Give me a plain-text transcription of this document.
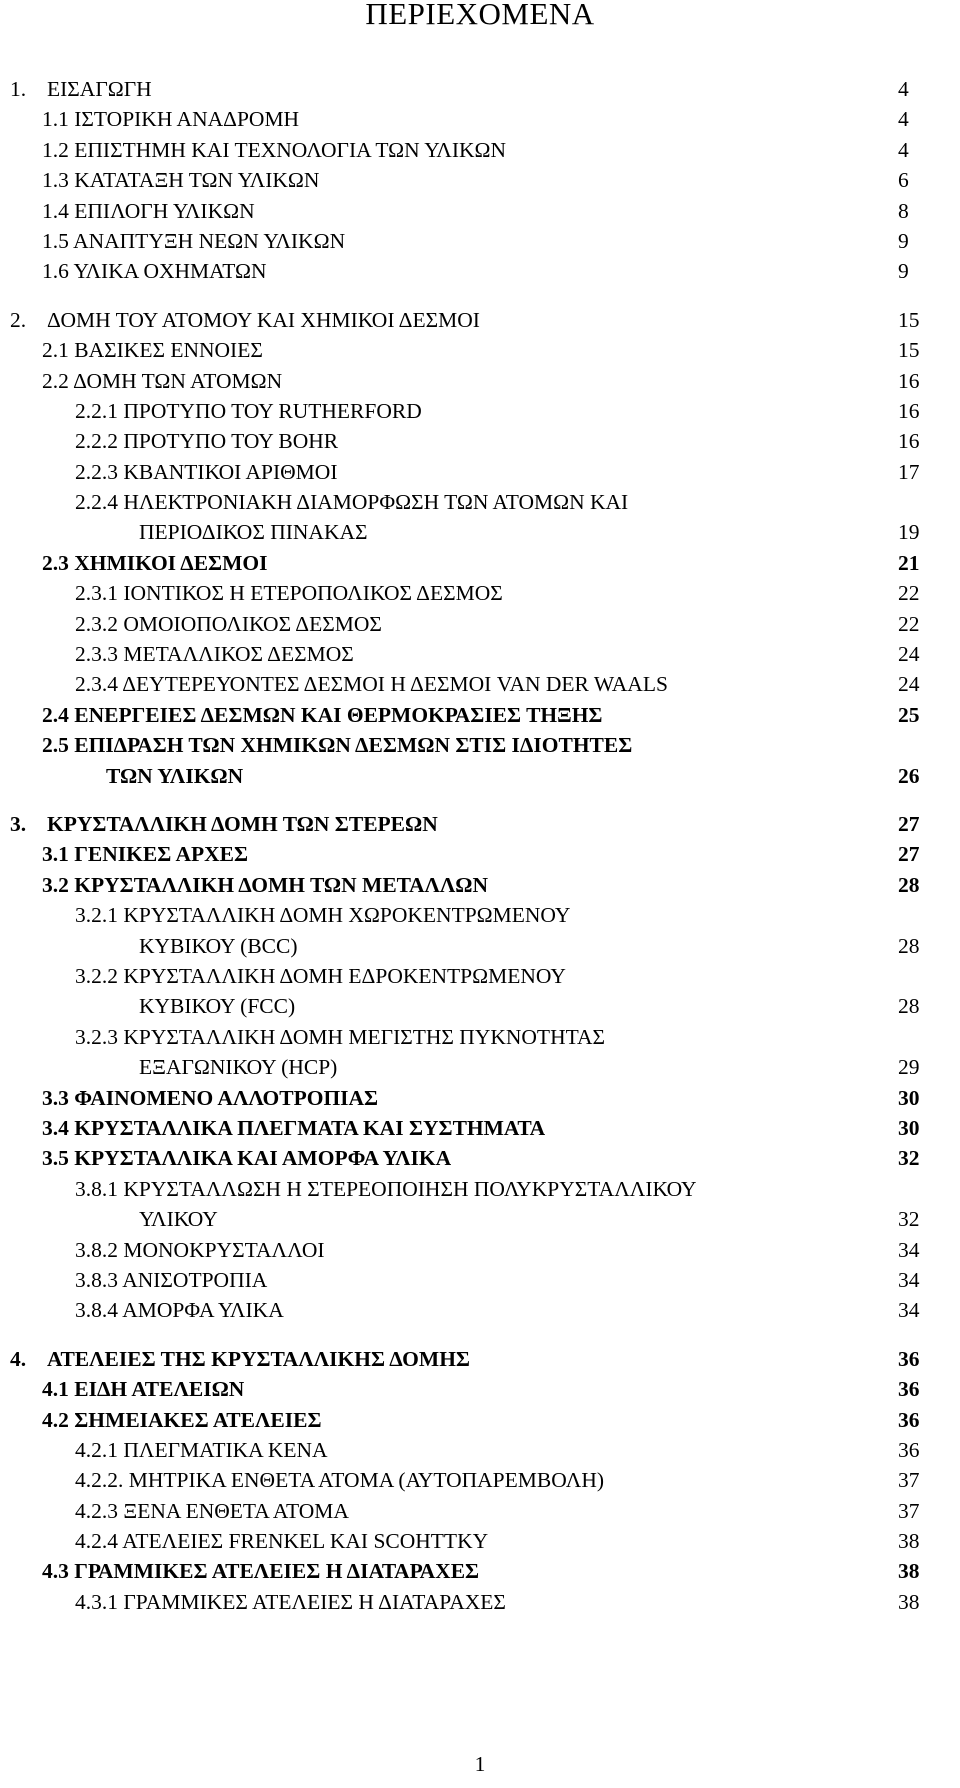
ΠΕΡΙΕΧΟΜΕΝΑ
1. ΕΙΣΑΓΩΓΗ	4
1.1 ΙΣΤΟΡΙΚΗ ΑΝΑΔΡΟΜΗ	4
1.2 ΕΠΙΣΤΗΜΗ ΚΑΙ ΤΕΧΝΟΛΟΓΙΑ ΤΩΝ ΥΛΙΚΩΝ	4
1.3 ΚΑΤΑΤΑΞΗ ΤΩΝ ΥΛΙΚΩΝ	6
1.4 ΕΠΙΛΟΓΗ ΥΛΙΚΩΝ	8
1.5 ΑΝΑΠΤΥΞΗ ΝΕΩΝ ΥΛΙΚΩΝ	9
1.6 ΥΛΙΚΑ ΟΧΗΜΑΤΩΝ	9
2. ΔΟΜΗ ΤΟΥ ΑΤΟΜΟΥ ΚΑΙ ΧΗΜΙΚΟΙ ΔΕΣΜΟΙ	15
2.1 ΒΑΣΙΚΕΣ ΕΝΝΟΙΕΣ	15
2.2 ΔΟΜΗ ΤΩΝ ΑΤΟΜΩΝ	16
2.2.1 ΠΡΟΤΥΠΟ ΤΟΥ RUTHERFORD	16
2.2.2 ΠΡΟΤΥΠΟ ΤΟΥ BOHR	16
2.2.3 ΚΒΑΝΤΙΚΟΙ ΑΡΙΘΜΟΙ	17
2.2.4 ΗΛΕΚΤΡΟΝΙΑΚΗ ΔΙΑΜΟΡΦΩΣΗ ΤΩΝ ΑΤΟΜΩΝ ΚΑΙ
ΠΕΡΙΟΔΙΚΟΣ ΠΙΝΑΚΑΣ	19
2.3 ΧΗΜΙΚΟΙ ΔΕΣΜΟΙ	21
2.3.1 ΙΟΝΤΙΚΟΣ Η ΕΤΕΡΟΠΟΛΙΚΟΣ ΔΕΣΜΟΣ	22
2.3.2 ΟΜΟΙΟΠΟΛΙΚΟΣ ΔΕΣΜΟΣ	22
2.3.3 ΜΕΤΑΛΛΙΚΟΣ ΔΕΣΜΟΣ	24
2.3.4 ΔΕΥΤΕΡΕΥΟΝΤΕΣ ΔΕΣΜΟΙ Η ΔΕΣΜΟΙ VAN DER WAALS	24
2.4 ΕΝΕΡΓΕΙΕΣ ΔΕΣΜΩΝ ΚΑΙ ΘΕΡΜΟΚΡΑΣΙΕΣ ΤΗΞΗΣ	25
2.5 ΕΠΙΔΡΑΣΗ ΤΩΝ ΧΗΜΙΚΩΝ ΔΕΣΜΩΝ ΣΤΙΣ ΙΔΙΟΤΗΤΕΣ
ΤΩΝ ΥΛΙΚΩΝ	26
3. ΚΡΥΣΤΑΛΛΙΚΗ ΔΟΜΗ ΤΩΝ ΣΤΕΡΕΩΝ	27
3.1 ΓΕΝΙΚΕΣ ΑΡΧΕΣ	27
3.2 ΚΡΥΣΤΑΛΛΙΚΗ ΔΟΜΗ ΤΩΝ ΜΕΤΑΛΛΩΝ	28
3.2.1 ΚΡΥΣΤΑΛΛΙΚΗ ΔΟΜΗ ΧΩΡΟΚΕΝΤΡΩΜΕΝΟΥ
ΚΥΒΙΚΟΥ (BCC)	28
3.2.2 ΚΡΥΣΤΑΛΛΙΚΗ ΔΟΜΗ ΕΔΡΟΚΕΝΤΡΩΜΕΝΟΥ
ΚΥΒΙΚΟΥ (FCC)	28
3.2.3 ΚΡΥΣΤΑΛΛΙΚΗ ΔΟΜΗ ΜΕΓΙΣΤΗΣ ΠΥΚΝΟΤΗΤΑΣ
ΕΞΑΓΩΝΙΚΟΥ (HCP)	29
3.3 ΦΑΙΝΟΜΕΝΟ ΑΛΛΟΤΡΟΠΙΑΣ	30
3.4 ΚΡΥΣΤΑΛΛΙΚΑ ΠΛΕΓΜΑΤΑ ΚΑΙ ΣΥΣΤΗΜΑΤΑ	30
3.5 ΚΡΥΣΤΑΛΛΙΚΑ ΚΑΙ ΑΜΟΡΦΑ ΥΛΙΚΑ	32
3.8.1 ΚΡΥΣΤΑΛΛΩΣΗ Η ΣΤΕΡΕΟΠΟΙΗΣΗ ΠΟΛΥΚΡΥΣΤΑΛΛΙΚΟΥ
ΥΛΙΚΟΥ	32
3.8.2 ΜΟΝΟΚΡΥΣΤΑΛΛΟΙ	34
3.8.3 ΑΝΙΣΟΤΡΟΠΙΑ	34
3.8.4 ΑΜΟΡΦΑ ΥΛΙΚΑ	34
4. ΑΤΕΛΕΙΕΣ ΤΗΣ ΚΡΥΣΤΑΛΛΙΚΗΣ ΔΟΜΗΣ	36
4.1 ΕΙΔΗ ΑΤΕΛΕΙΩΝ	36
4.2 ΣΗΜΕΙΑΚΕΣ ΑΤΕΛΕΙΕΣ	36
4.2.1 ΠΛΕΓΜΑΤΙΚΑ ΚΕΝΑ	36
4.2.2. ΜΗΤΡΙΚΑ ΕΝΘΕΤΑ ΑΤΟΜΑ (ΑΥΤΟΠΑΡΕΜΒΟΛΗ)	37
4.2.3 ΞΕΝΑ ΕΝΘΕΤΑ ΑΤΟΜΑ	37
4.2.4 ΑΤΕΛΕΙΕΣ FRENKEL ΚΑΙ SCOHTTKY	38
4.3 ΓΡΑΜΜΙΚΕΣ ΑΤΕΛΕΙΕΣ Η ΔΙΑΤΑΡΑΧΕΣ	38
4.3.1 ΓΡΑΜΜΙΚΕΣ ΑΤΕΛΕΙΕΣ Η ΔΙΑΤΑΡΑΧΕΣ	38
1
